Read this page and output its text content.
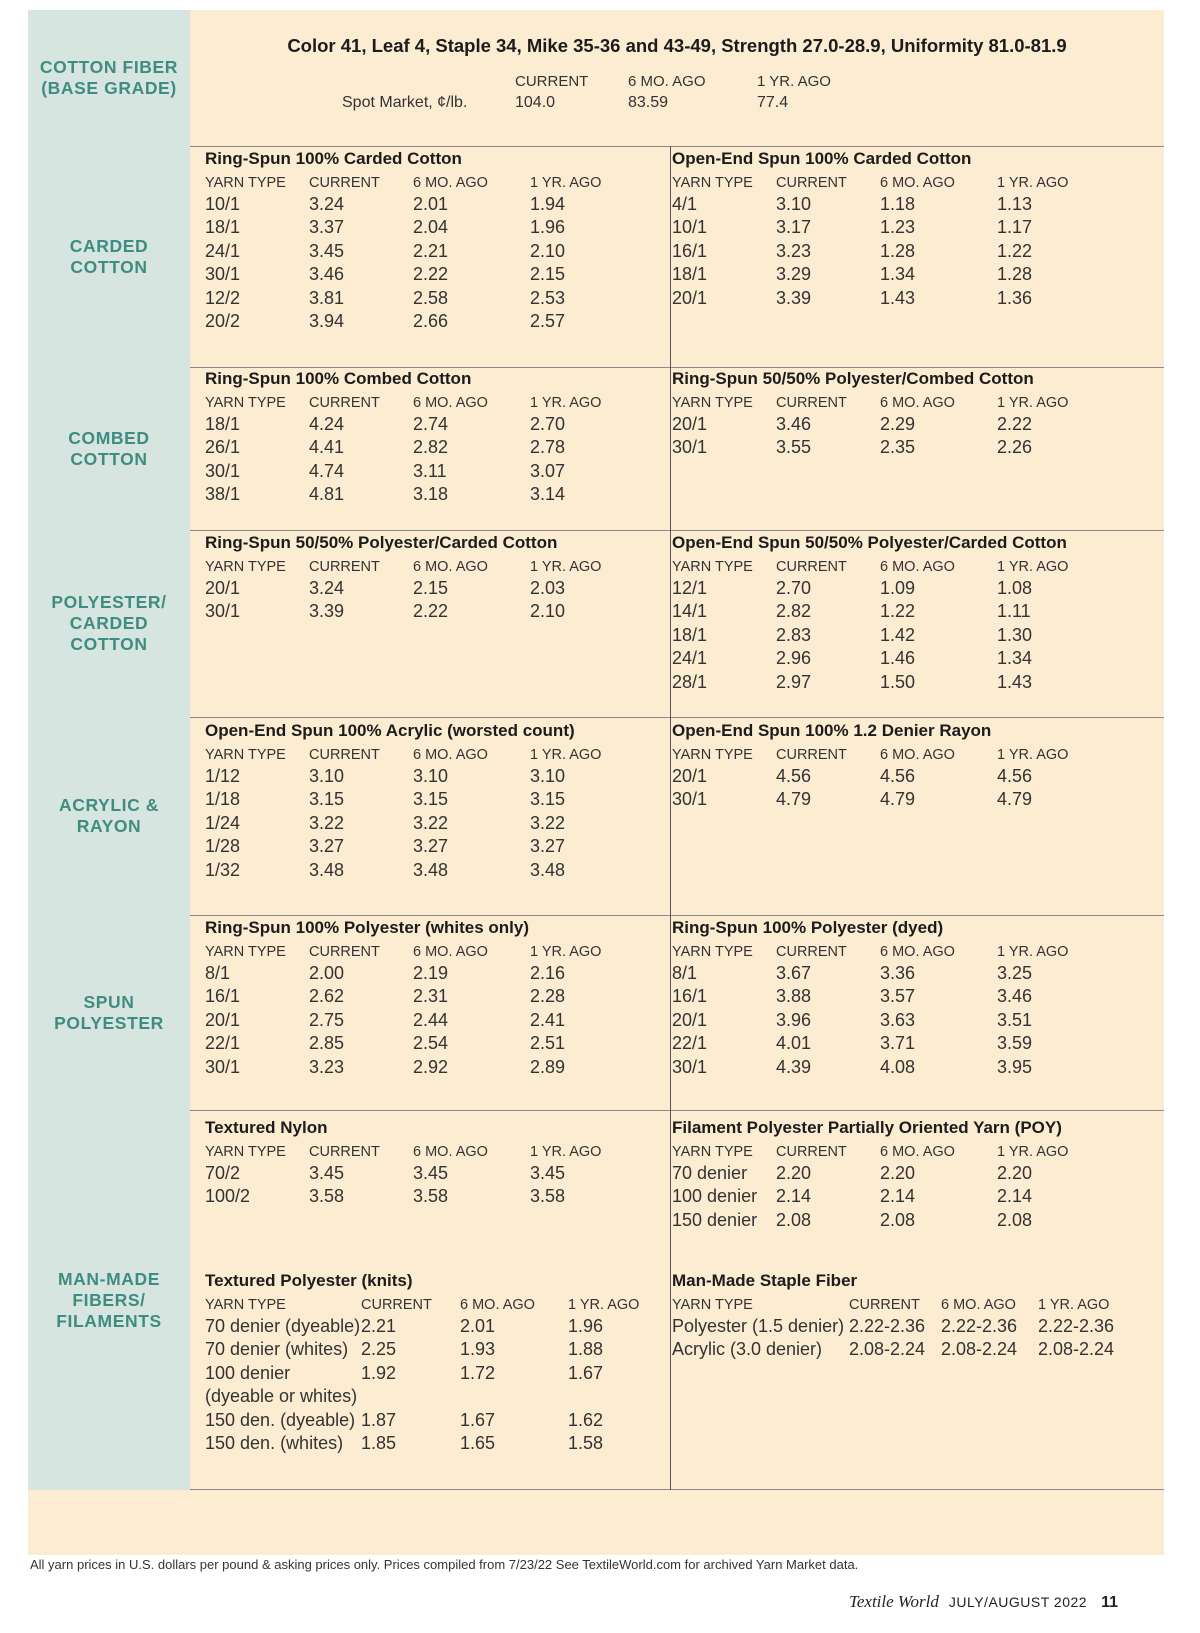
COTTON FIBER
(BASE GRADE)
Color 41, Leaf 4, Staple 34, Mike 35-36 and 43-49, Strength 27.0-28.9, Uniformity 81.0-81.9
CURRENT	6 MO. AGO	1 YR. AGO
Spot Market, ¢/lb.	104.0	83.59	77.4
CARDED
COTTON
Ring-Spun 100% Carded Cotton
YARN TYPE	CURRENT	6 MO. AGO	1 YR. AGO
10/1	3.24	2.01	1.94
18/1	3.37	2.04	1.96
24/1	3.45	2.21	2.10
30/1	3.46	2.22	2.15
12/2	3.81	2.58	2.53
20/2	3.94	2.66	2.57
Open-End Spun 100% Carded Cotton
YARN TYPE	CURRENT	6 MO. AGO	1 YR. AGO
4/1	3.10	1.18	1.13
10/1	3.17	1.23	1.17
16/1	3.23	1.28	1.22
18/1	3.29	1.34	1.28
20/1	3.39	1.43	1.36
COMBED
COTTON
Ring-Spun 100% Combed Cotton
YARN TYPE	CURRENT	6 MO. AGO	1 YR. AGO
18/1	4.24	2.74	2.70
26/1	4.41	2.82	2.78
30/1	4.74	3.11	3.07
38/1	4.81	3.18	3.14
Ring-Spun 50/50% Polyester/Combed Cotton
YARN TYPE	CURRENT	6 MO. AGO	1 YR. AGO
20/1	3.46	2.29	2.22
30/1	3.55	2.35	2.26
POLYESTER/
CARDED
COTTON
Ring-Spun 50/50% Polyester/Carded Cotton
YARN TYPE	CURRENT	6 MO. AGO	1 YR. AGO
20/1	3.24	2.15	2.03
30/1	3.39	2.22	2.10
Open-End Spun 50/50% Polyester/Carded Cotton
YARN TYPE	CURRENT	6 MO. AGO	1 YR. AGO
12/1	2.70	1.09	1.08
14/1	2.82	1.22	1.11
18/1	2.83	1.42	1.30
24/1	2.96	1.46	1.34
28/1	2.97	1.50	1.43
ACRYLIC &
RAYON
Open-End Spun 100% Acrylic (worsted count)
YARN TYPE	CURRENT	6 MO. AGO	1 YR. AGO
1/12	3.10	3.10	3.10
1/18	3.15	3.15	3.15
1/24	3.22	3.22	3.22
1/28	3.27	3.27	3.27
1/32	3.48	3.48	3.48
Open-End Spun 100% 1.2 Denier Rayon
YARN TYPE	CURRENT	6 MO. AGO	1 YR. AGO
20/1	4.56	4.56	4.56
30/1	4.79	4.79	4.79
SPUN
POLYESTER
Ring-Spun 100% Polyester (whites only)
YARN TYPE	CURRENT	6 MO. AGO	1 YR. AGO
8/1	2.00	2.19	2.16
16/1	2.62	2.31	2.28
20/1	2.75	2.44	2.41
22/1	2.85	2.54	2.51
30/1	3.23	2.92	2.89
Ring-Spun 100% Polyester (dyed)
YARN TYPE	CURRENT	6 MO. AGO	1 YR. AGO
8/1	3.67	3.36	3.25
16/1	3.88	3.57	3.46
20/1	3.96	3.63	3.51
22/1	4.01	3.71	3.59
30/1	4.39	4.08	3.95
MAN-MADE
FIBERS/
FILAMENTS
Textured Nylon
YARN TYPE	CURRENT	6 MO. AGO	1 YR. AGO
70/2	3.45	3.45	3.45
100/2	3.58	3.58	3.58
Filament Polyester Partially Oriented Yarn (POY)
YARN TYPE	CURRENT	6 MO. AGO	1 YR. AGO
70 denier	2.20	2.20	2.20
100 denier	2.14	2.14	2.14
150 denier	2.08	2.08	2.08
Textured Polyester (knits)
YARN TYPE	CURRENT	6 MO. AGO	1 YR. AGO
70 denier (dyeable)	2.21	2.01	1.96
70 denier (whites)	2.25	1.93	1.88
100 denier	1.92	1.72	1.67
(dyeable or whites)			
150 den. (dyeable)	1.87	1.67	1.62
150 den. (whites)	1.85	1.65	1.58
Man-Made Staple Fiber
YARN TYPE	CURRENT	6 MO. AGO	1 YR. AGO
Polyester (1.5 denier)	2.22-2.36	2.22-2.36	2.22-2.36
Acrylic (3.0 denier)	2.08-2.24	2.08-2.24	2.08-2.24
All yarn prices in U.S. dollars per pound & asking prices only. Prices compiled from 7/23/22 See TextileWorld.com for archived Yarn Market data.
Textile World JULY/AUGUST 2022 11
